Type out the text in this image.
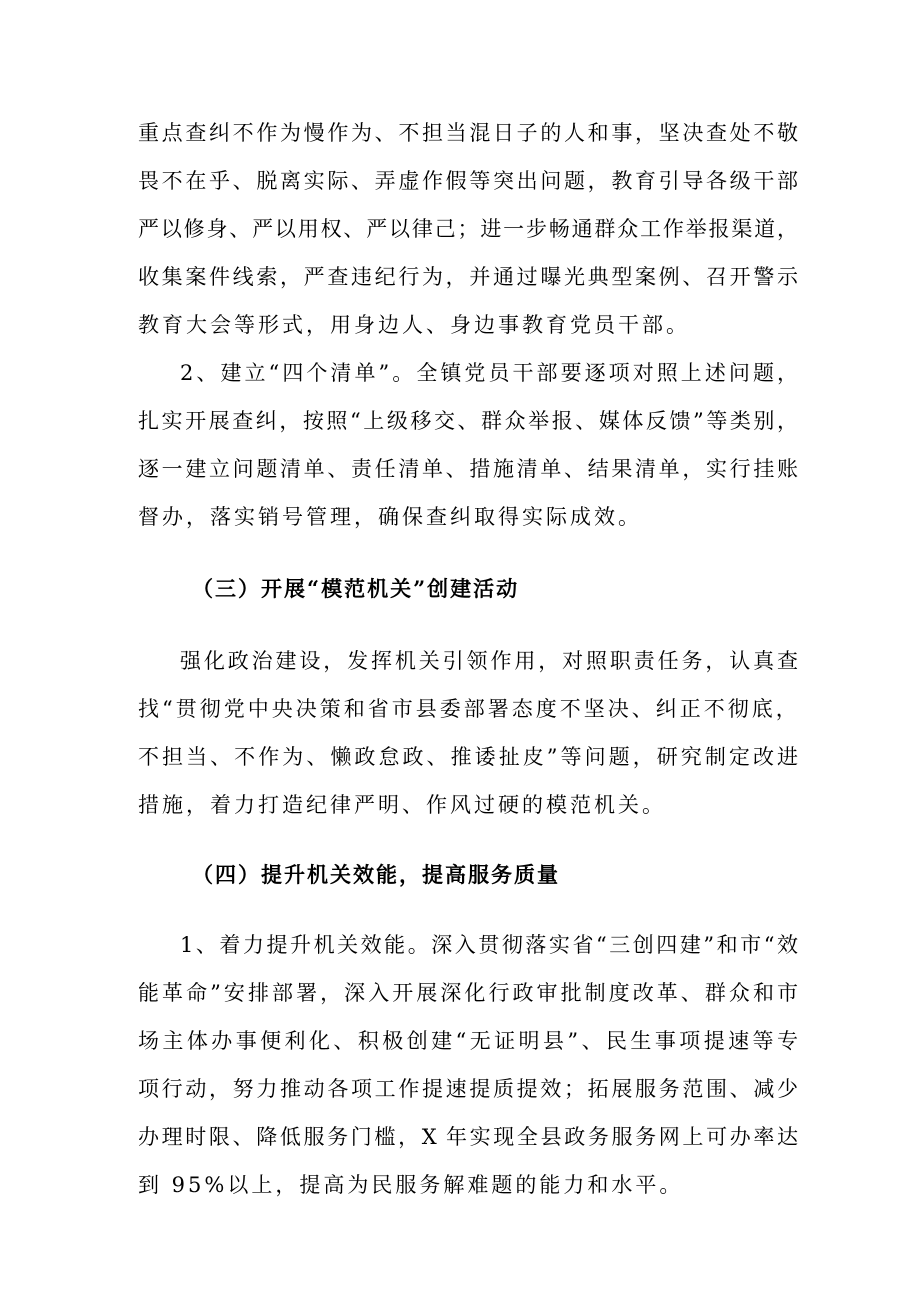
重点查纠不作为慢作为、不担当混日子的人和事，坚决查处不敬
畏不在乎、脱离实际、弄虚作假等突出问题，教育引导各级干部
严以修身、严以用权、严以律己；进一步畅通群众工作举报渠道，
收集案件线索，严查违纪行为，并通过曝光典型案例、召开警示
教育大会等形式，用身边人、身边事教育党员干部。
2、建立“四个清单”。全镇党员干部要逐项对照上述问题，
扎实开展查纠，按照“上级移交、群众举报、媒体反馈”等类别，
逐一建立问题清单、责任清单、措施清单、结果清单，实行挂账
督办，落实销号管理，确保查纠取得实际成效。
（三）开展“模范机关”创建活动
强化政治建设，发挥机关引领作用，对照职责任务，认真查
找“贯彻党中央决策和省市县委部署态度不坚决、纠正不彻底，
不担当、不作为、懒政怠政、推诿扯皮”等问题，研究制定改进
措施，着力打造纪律严明、作风过硬的模范机关。
（四）提升机关效能，提高服务质量
1、着力提升机关效能。深入贯彻落实省“三创四建”和市“效
能革命”安排部署，深入开展深化行政审批制度改革、群众和市
场主体办事便利化、积极创建“无证明县”、民生事项提速等专
项行动，努力推动各项工作提速提质提效；拓展服务范围、减少
办理时限、降低服务门槛，X 年实现全县政务服务网上可办率达
到 95%以上，提高为民服务解难题的能力和水平。
